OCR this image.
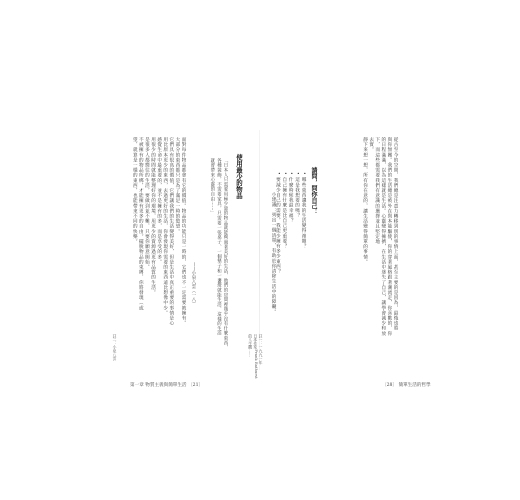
從古至今的空間，我們總是注意力轉移到別的事情上面，甚至主要的是因為，最後也將
與你無關。我們的生活總是被外在與本能驅使，你的穿著風格跟著潮流走，你喜歡的，你
的日程滿滿，以為這樣就是生活。心靈變得擁擠，在生活中迷失了自己，讓學會減少和放
下，而這些都需要我們有意識的選擇並且堅定地
去實。
靜下來想一想，所有你在意的，讓生活變得簡單的事情。
請問，問你自己：
• 哪些東西讓我的生活變得複雜？
• 這是我想要的嗎？
• 什麼時候我最幸福？
• 自己擁有什麼是比自己更重要？
• 要減少自己的需要，我能少擁有多少東西？
小建議：列出一個清單，有助於你清除生活中的障礙。
註一：一九九一年
日本作家Frank Bathurst
的人生觀……
〔28〕 簡單生活的哲學
使用最少的物品
「日本人只需要用極少量的物品就能夠過著美好的生活，他們的房間裡幾乎沒有什麼東西，
各種裝飾，不需要家具，只需要一張桌子、一個墊子和一盞燈就能生活，這樣的生活
就會帶來心靈的自由……」
——小泉八雲（一八）
面對每件物品都會有它的價值。物品的功能只是一時的，它們也不一定需要被擁有。
大部分的東西都只是為了滿足一時的慾望。
它們具有很高的價值，它們讓我們的生活變得美好，但是生活中真正重要的事情是心
用比原本更少的東西，去過更好的生活，你會發現你需要的東西遠比想像中少。
感覺生命中最重要的，並不是擁有的多，而是享受的多。
用很少的時間就能整理好你的環境，用更少的資源過更有品質的生活。
是很多人都嚮往的生活，要做到並不難，只要你願意開始。
不被擁有的物品所綁，才能擁有更多的自由。擺脫物品的束縛，你將發現（或
望，就算是一樣的東西，也能帶來不同的快樂。
註二：小泉八雲
第一章 物質主義與簡單生活 〔21〕
